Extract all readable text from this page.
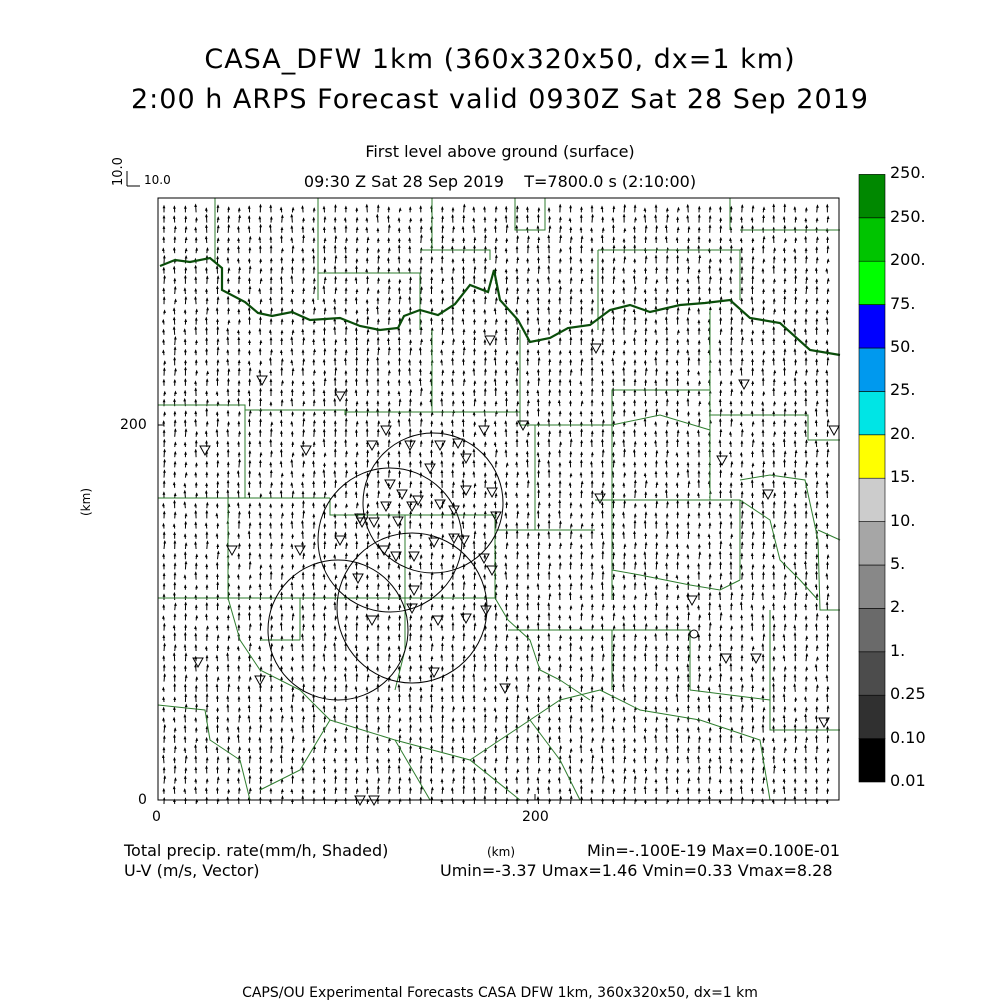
CASA_DFW 1km (360x320x50, dx=1 km)
2:00 h ARPS Forecast valid 0930Z Sat 28 Sep 2019
First level above ground (surface)
09:30 Z Sat 28 Sep 2019 T=7800.0 s (2:10:00)
10.0 10.0
200
0
0	200
(km)
0.01
0.10
0.25
1.
2.
5.
10.
15.
20.
25.
50.
75.
200.
250.
250.
Total precip. rate(mm/h, Shaded)
U-V (m/s, Vector)
(km)	Min=-.100E-19 Max=0.100E-01
Umin=-3.37 Umax=1.46 Vmin=0.33 Vmax=8.28
CAPS/OU Experimental Forecasts CASA DFW 1km, 360x320x50, dx=1 km
